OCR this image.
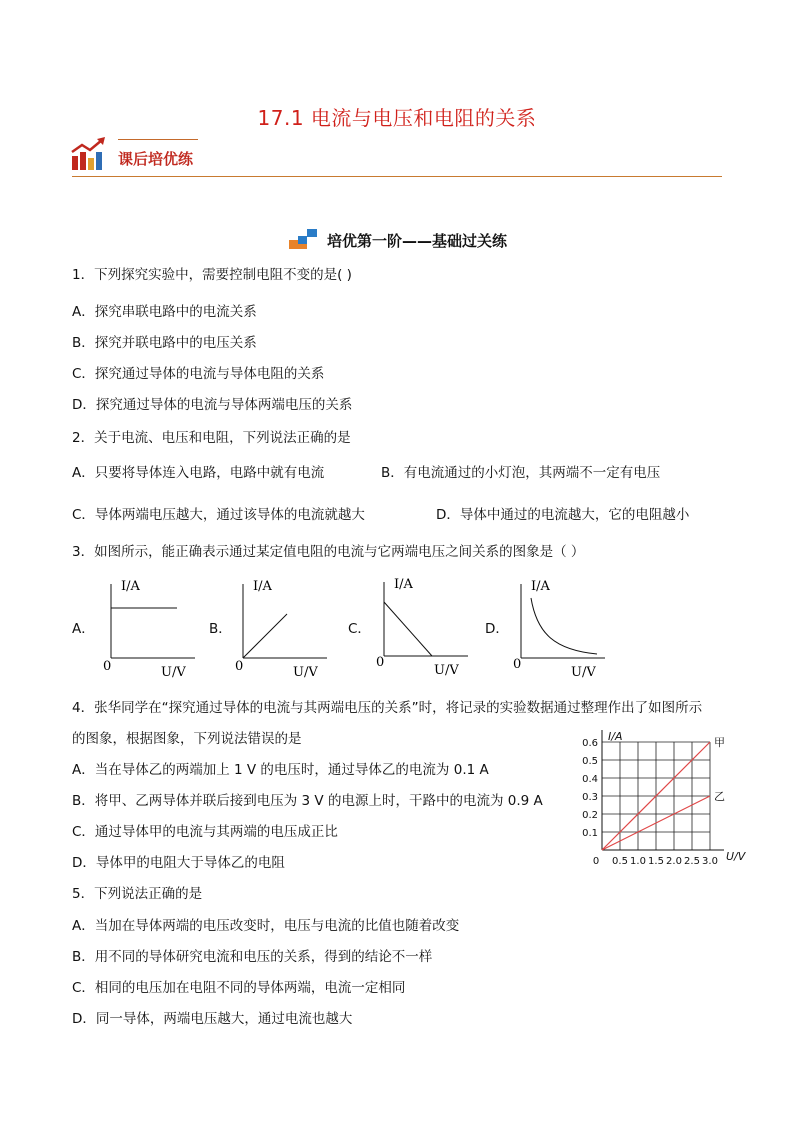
17.1 电流与电压和电阻的关系
课后培优练
培优第一阶——基础过关练
1．下列探究实验中，需要控制电阻不变的是( )
A．探究串联电路中的电流关系
B．探究并联电路中的电压关系
C．探究通过导体的电流与导体电阻的关系
D．探究通过导体的电流与导体两端电压的关系
2．关于电流、电压和电阻，下列说法正确的是
A．只要将导体连入电路，电路中就有电流	B．有电流通过的小灯泡，其两端不一定有电压
C．导体两端电压越大，通过该导体的电流就越大	D．导体中通过的电流越大，它的电阻越小
3．如图所示，能正确表示通过某定值电阻的电流与它两端电压之间关系的图象是（ ）
A．
I/A
0	U/V
B．
I/A
0	U/V
C．
I/A
0
U/V
D．
I/A
0
U/V
4．张华同学在“探究通过导体的电流与其两端电压的关系”时，将记录的实验数据通过整理作出了如图所示
的图象，根据图象，下列说法错误的是
A．当在导体乙的两端加上 1 V 的电压时，通过导体乙的电流为 0.1 A
B．将甲、乙两导体并联后接到电压为 3 V 的电源上时，干路中的电流为 0.9 A
C．通过导体甲的电流与其两端的电压成正比
D．导体甲的电阻大于导体乙的电阻
甲
乙
0 0.5 1.0 1.5 2.0 2.5 3.0
0.1
0.2
0.3
0.4
0.5
0.6
I/A
U/V
5．下列说法正确的是
A．当加在导体两端的电压改变时，电压与电流的比值也随着改变
B．用不同的导体研究电流和电压的关系，得到的结论不一样
C．相同的电压加在电阻不同的导体两端，电流一定相同
D．同一导体，两端电压越大，通过电流也越大
